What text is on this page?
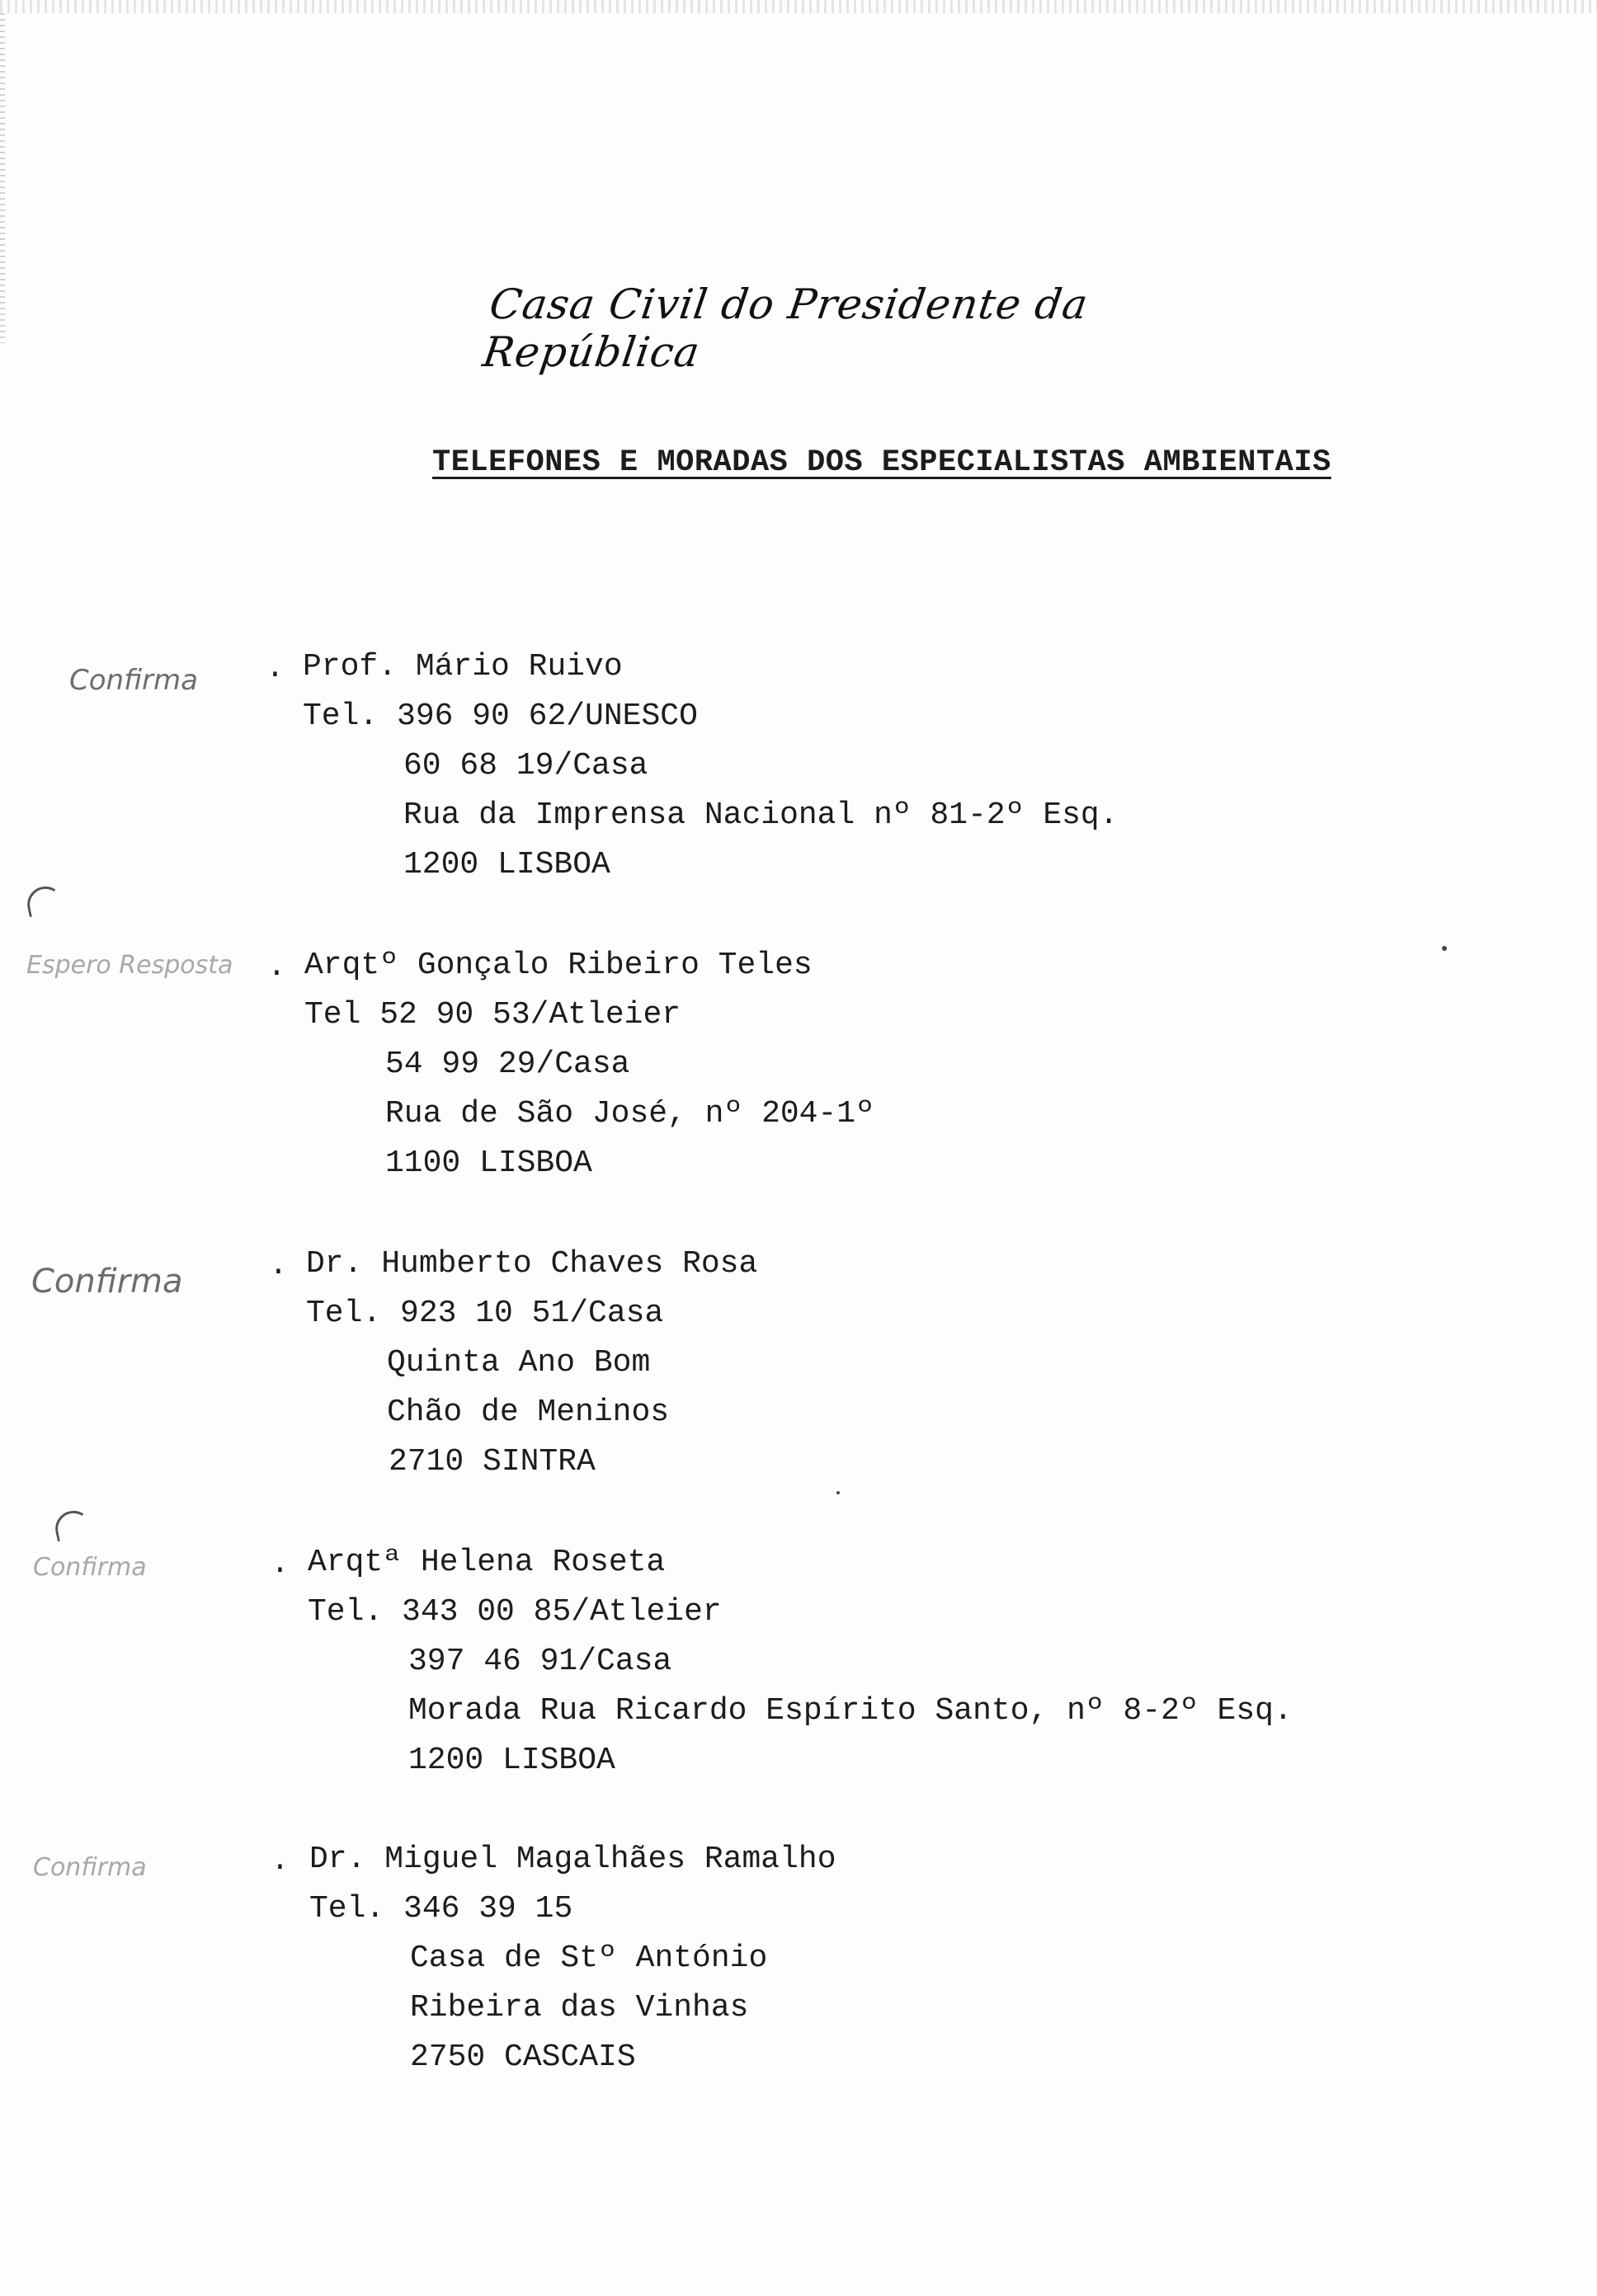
Casa Civil do Presidente da República
TELEFONES E MORADAS DOS ESPECIALISTAS AMBIENTAIS
Confirma . Prof. Mário Ruivo
Tel. 396 90 62/UNESCO
60 68 19/Casa
Rua da Imprensa Nacional nº 81-2º Esq.
1200 LISBOA
Espero Resposta . Arqtº Gonçalo Ribeiro Teles
Tel 52 90 53/Atleier
54 99 29/Casa
Rua de São José, nº 204-1º
1100 LISBOA
Confirma	. Dr. Humberto Chaves Rosa
Tel. 923 10 51/Casa
Quinta Ano Bom
Chão de Meninos
2710 SINTRA
Confirma	. Arqtª Helena Roseta
Tel. 343 00 85/Atleier
397 46 91/Casa
Morada Rua Ricardo Espírito Santo, nº 8-2º Esq.
1200 LISBOA
Confirma	. Dr. Miguel Magalhães Ramalho
Tel. 346 39 15
Casa de Stº António
Ribeira das Vinhas
2750 CASCAIS
